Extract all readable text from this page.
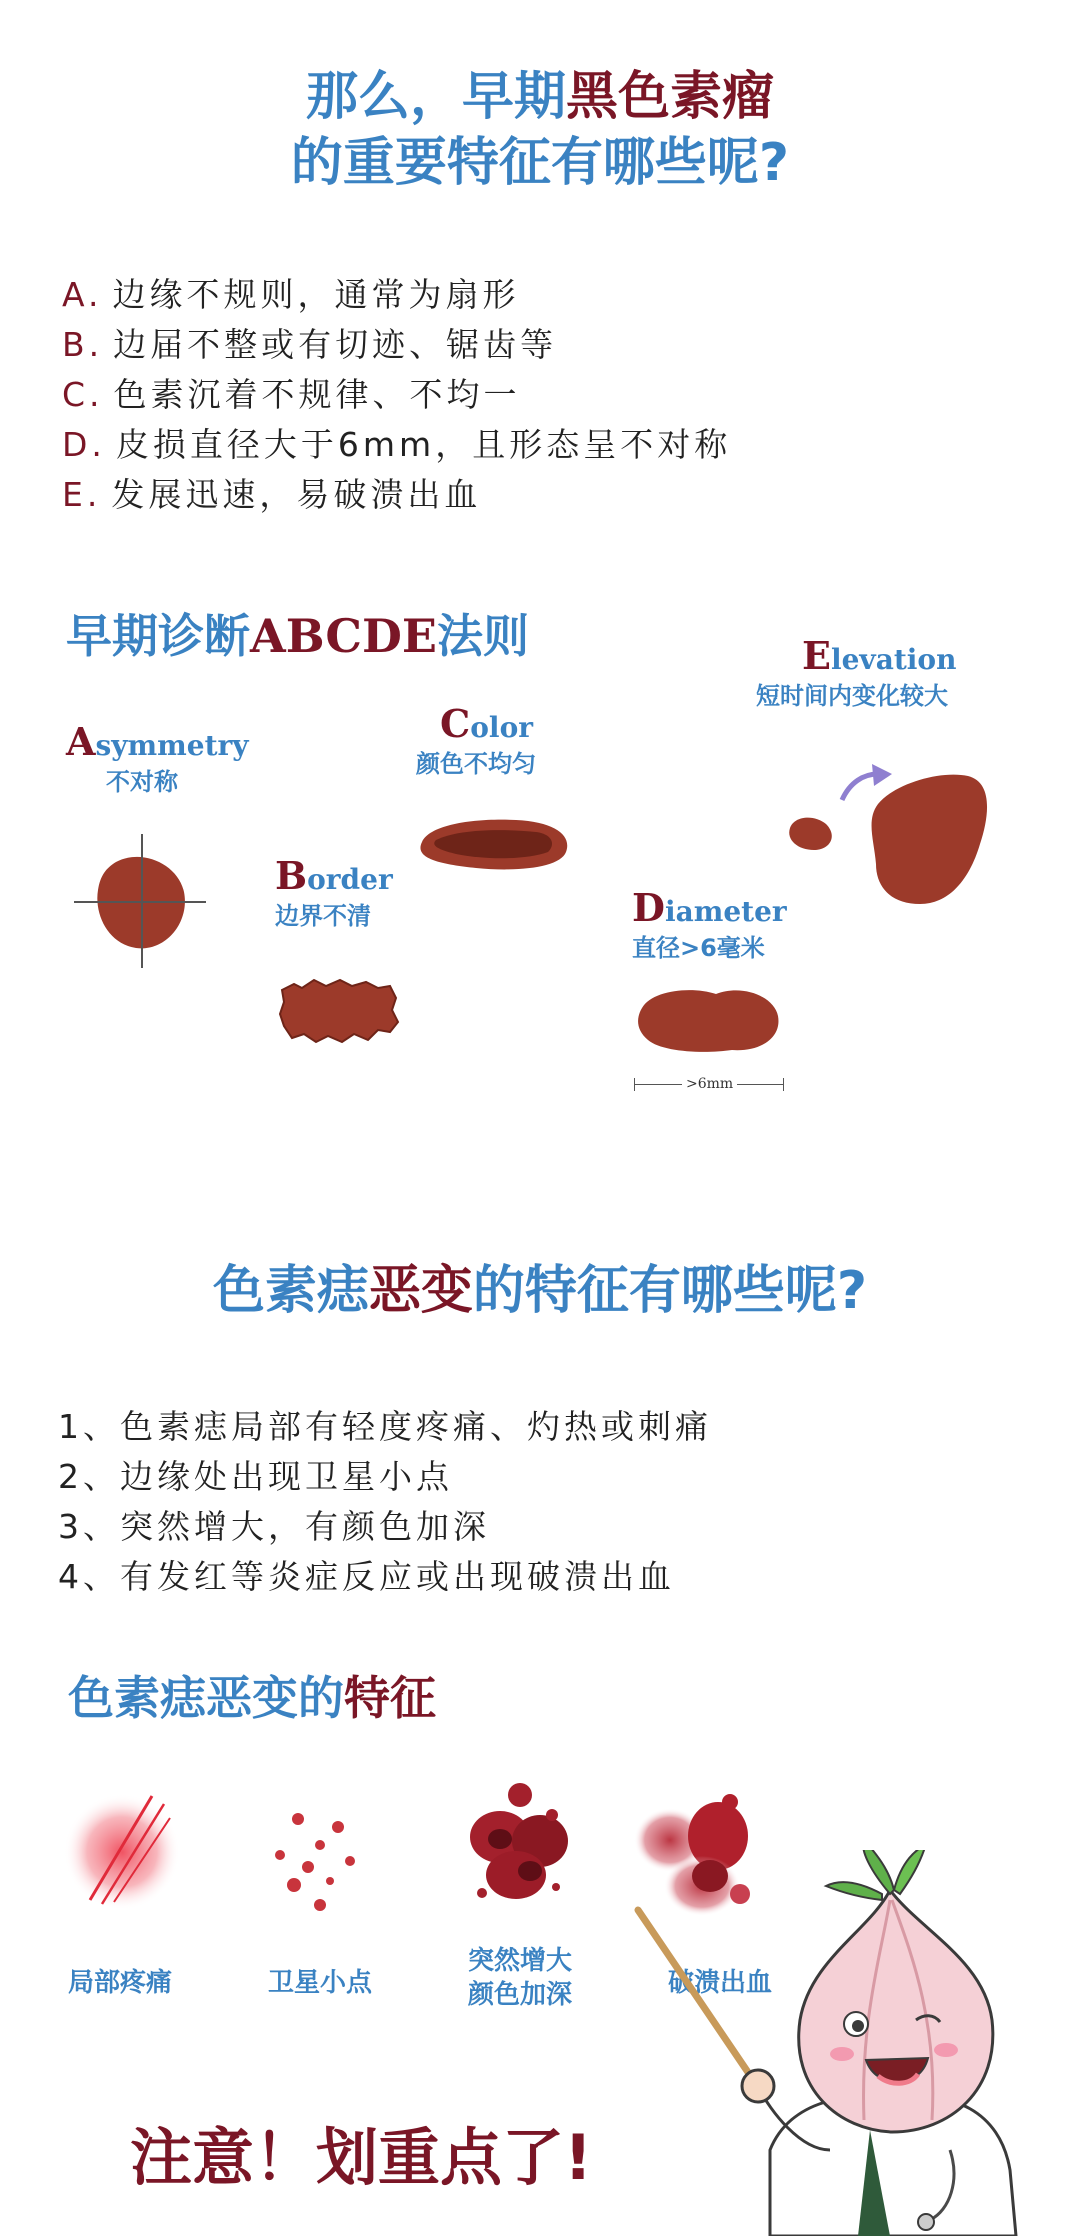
那么，早期黑色素瘤
的重要特征有哪些呢?
A. 边缘不规则，通常为扇形
B. 边届不整或有切迹、锯齿等
C. 色素沉着不规律、不均一
D. 皮损直径大于6mm，且形态呈不对称
E. 发展迅速，易破溃出血
早期诊断ABCDE法则
Asymmetry
不对称
Border
边界不清
Color
颜色不均匀
Diameter
直径>6毫米
>6mm
Elevation
短时间内变化较大
色素痣恶变的特征有哪些呢?
1、色素痣局部有轻度疼痛、灼热或刺痛
2、边缘处出现卫星小点
3、突然增大，有颜色加深
4、有发红等炎症反应或出现破溃出血
色素痣恶变的特征
局部疼痛	卫星小点
突然增大
颜色加深	破溃出血
注意！划重点了!
